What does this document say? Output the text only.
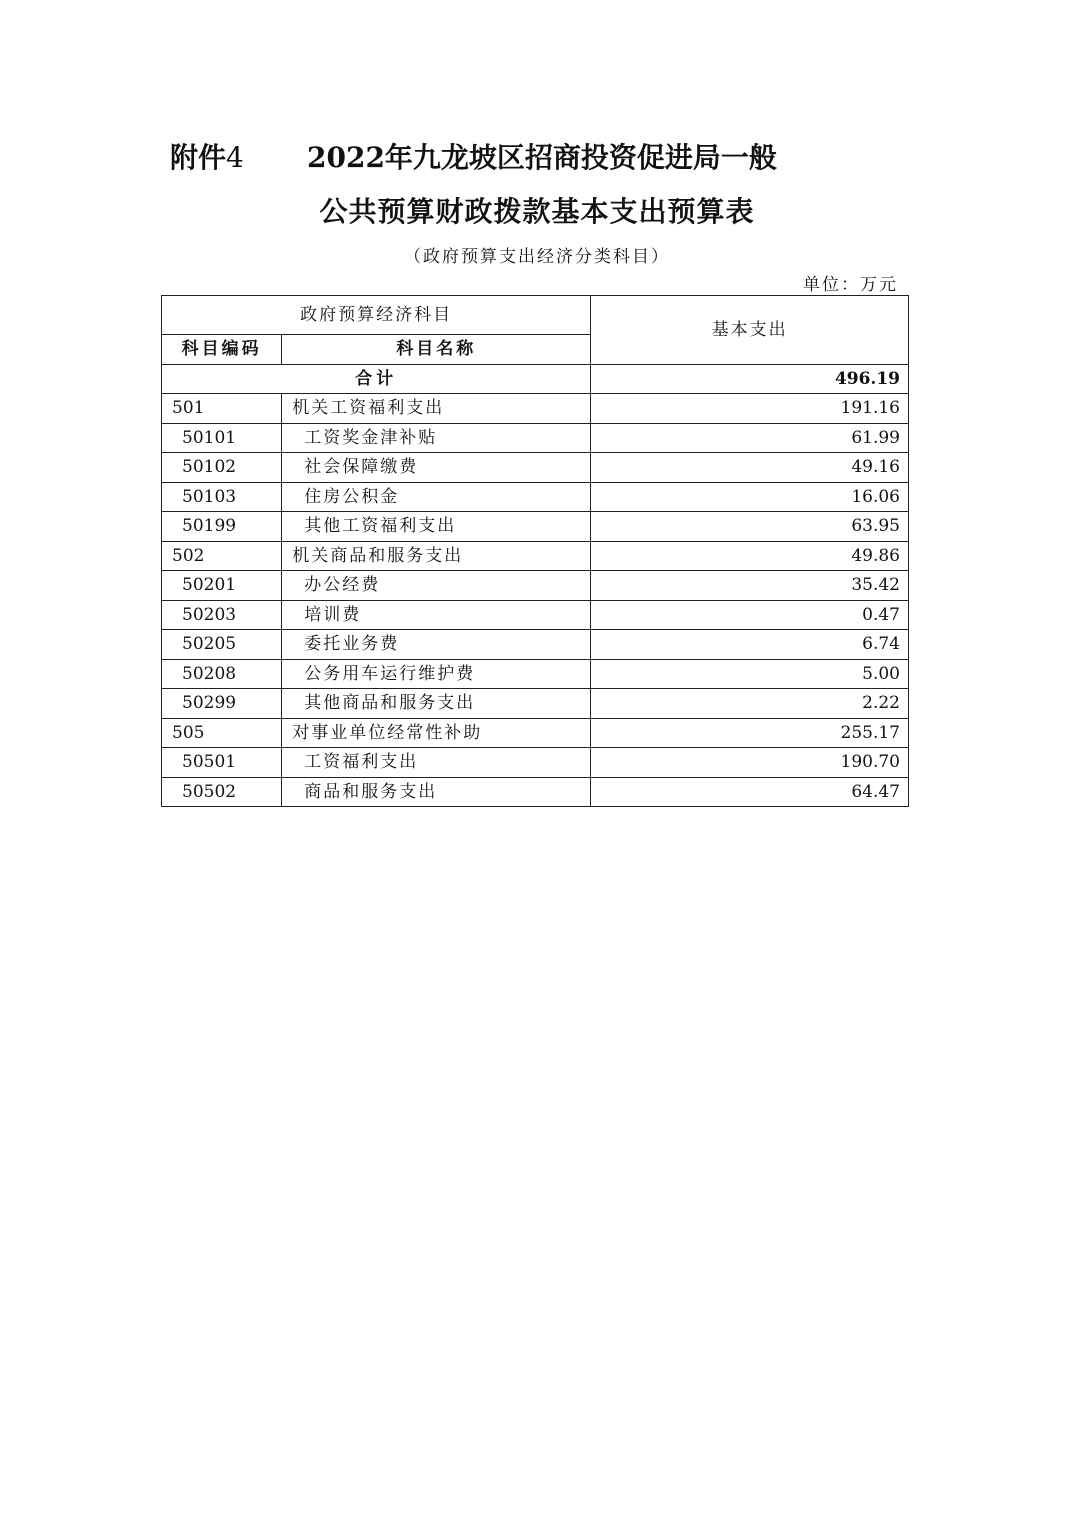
附件4 2022年九龙坡区招商投资促进局一般
公共预算财政拨款基本支出预算表
（政府预算支出经济分类科目）
单位：万元
政府预算经济科目		基本支出
科目编码	科目名称	
合计		496.19
501	机关工资福利支出	191.16
50101	工资奖金津补贴	61.99
50102	社会保障缴费	49.16
50103	住房公积金	16.06
50199	其他工资福利支出	63.95
502	机关商品和服务支出	49.86
50201	办公经费	35.42
50203	培训费	0.47
50205	委托业务费	6.74
50208	公务用车运行维护费	5.00
50299	其他商品和服务支出	2.22
505	对事业单位经常性补助	255.17
50501	工资福利支出	190.70
50502	商品和服务支出	64.47
